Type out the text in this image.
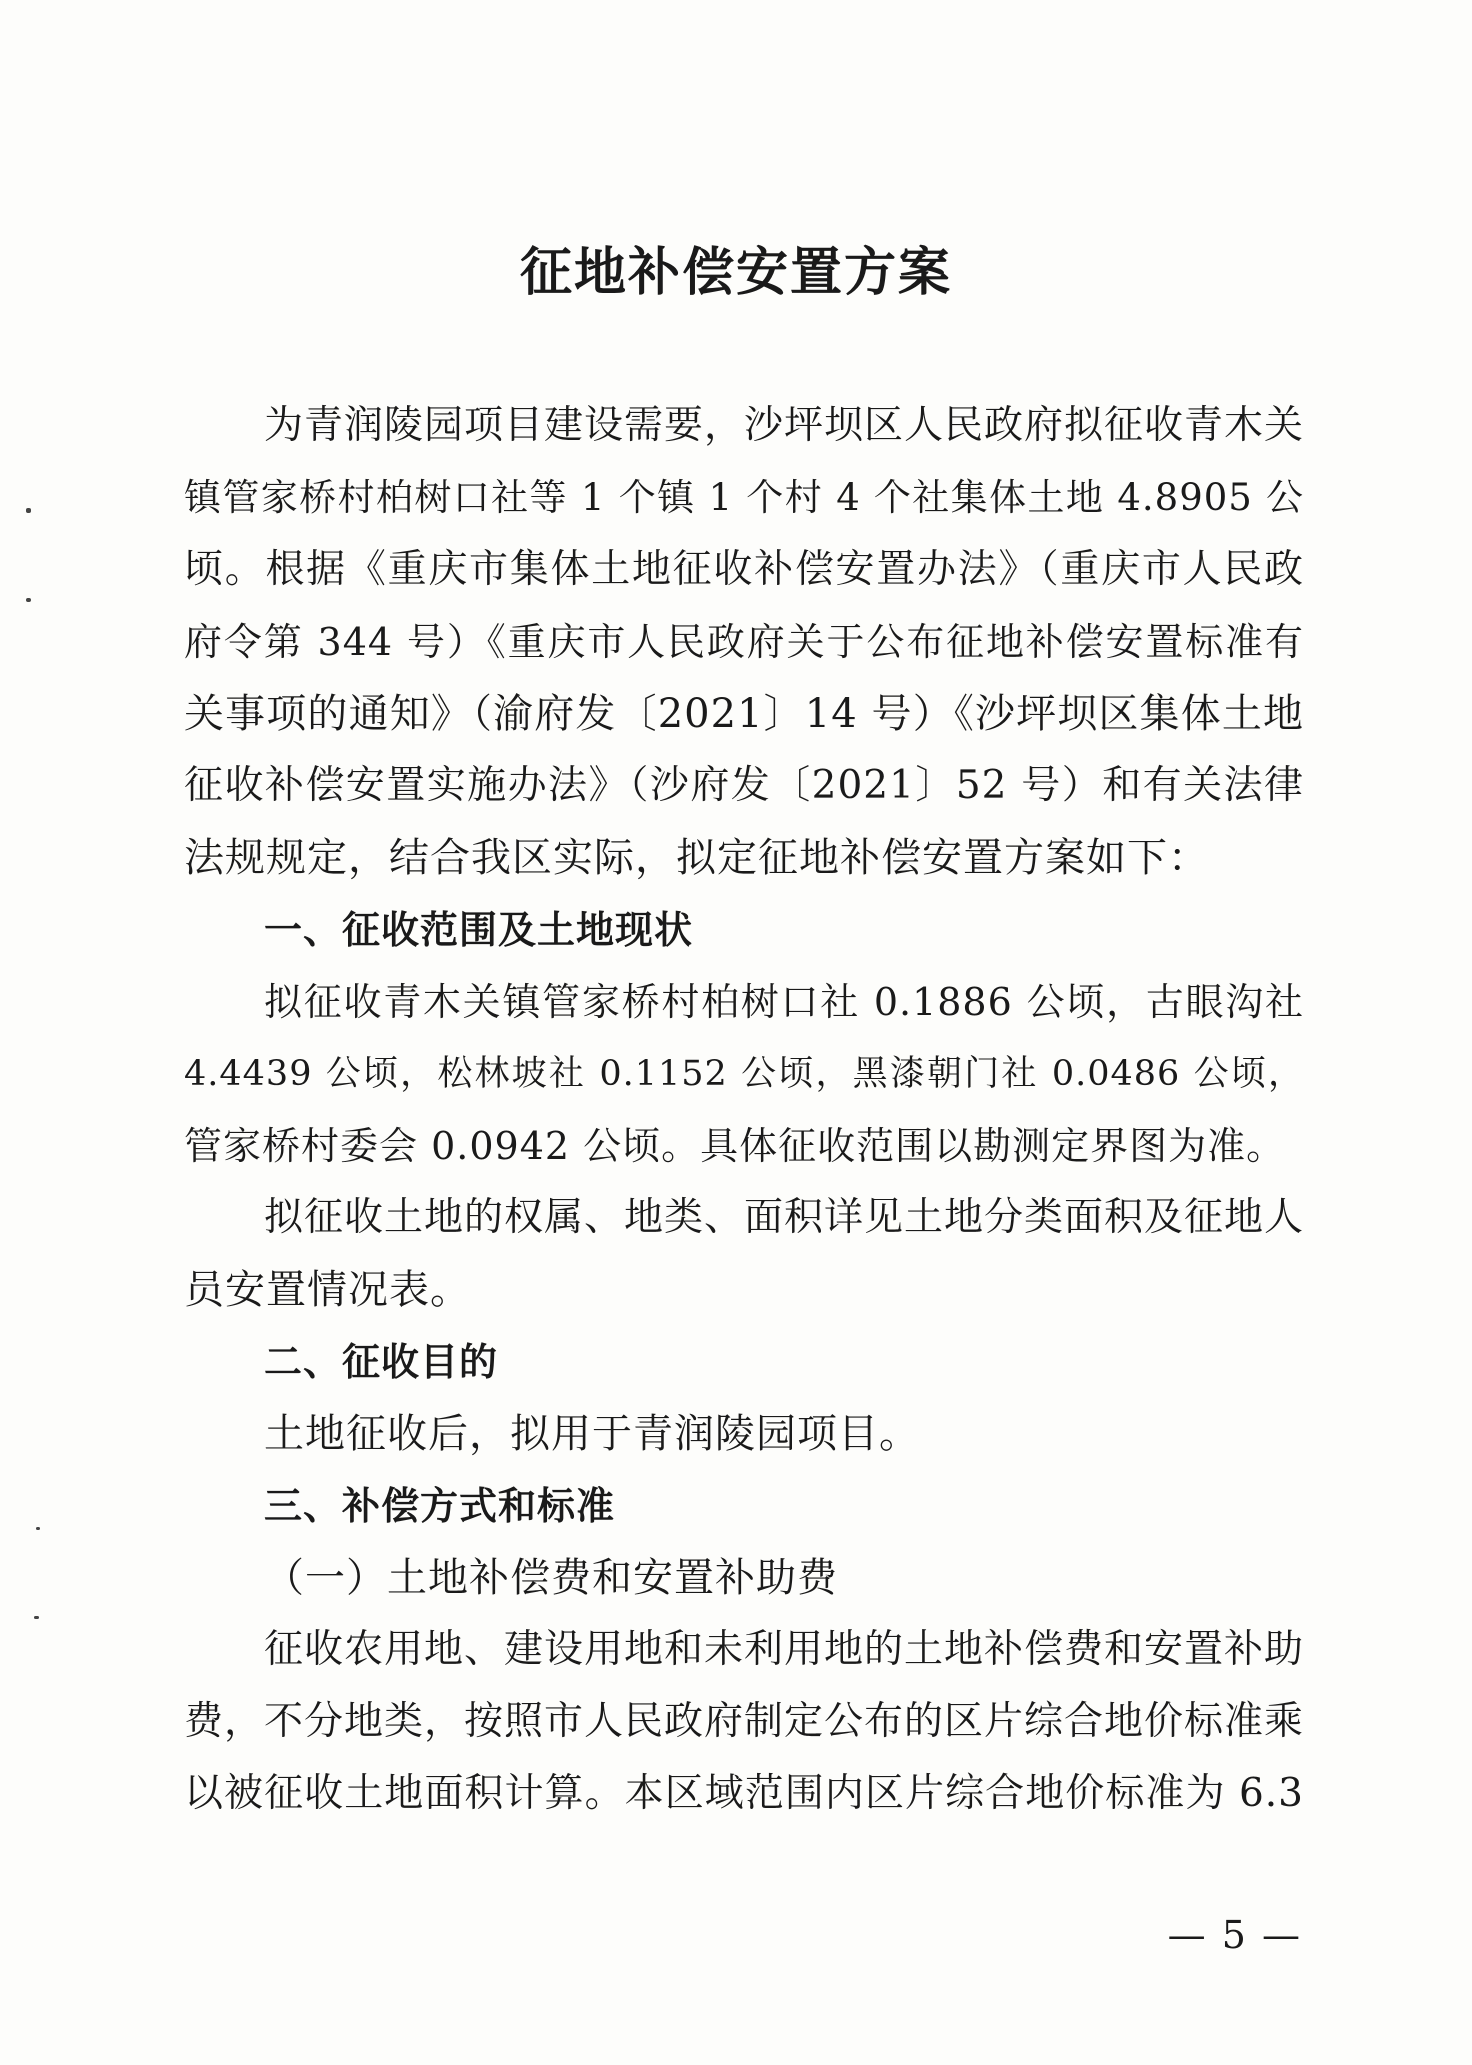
征地补偿安置方案
为青润陵园项目建设需要，沙坪坝区人民政府拟征收青木关
镇管家桥村柏树口社等 1 个镇 1 个村 4 个社集体土地 4.8905 公
顷。根据《重庆市集体土地征收补偿安置办法》（重庆市人民政
府令第 344 号）《重庆市人民政府关于公布征地补偿安置标准有
关事项的通知》（渝府发〔2021〕14 号）《沙坪坝区集体土地
征收补偿安置实施办法》（沙府发〔2021〕52 号）和有关法律
法规规定，结合我区实际，拟定征地补偿安置方案如下：
一、征收范围及土地现状
拟征收青木关镇管家桥村柏树口社 0.1886 公顷，古眼沟社
4.4439 公顷，松林坡社 0.1152 公顷，黑漆朝门社 0.0486 公顷，
管家桥村委会 0.0942 公顷。具体征收范围以勘测定界图为准。
拟征收土地的权属、地类、面积详见土地分类面积及征地人
员安置情况表。
二、征收目的
土地征收后，拟用于青润陵园项目。
三、补偿方式和标准
（一）土地补偿费和安置补助费
征收农用地、建设用地和未利用地的土地补偿费和安置补助
费，不分地类，按照市人民政府制定公布的区片综合地价标准乘
以被征收土地面积计算。本区域范围内区片综合地价标准为 6.3
— 5 —
